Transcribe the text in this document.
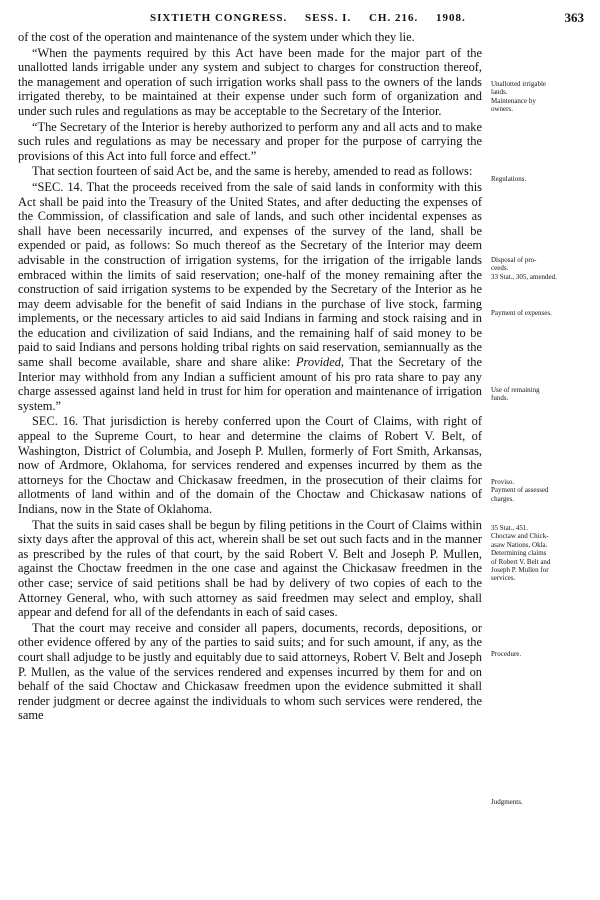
SIXTIETH CONGRESS. SESS. I. CH. 216. 1908.	363

of the cost of the operation and maintenance of the system under which they lie.

“When the payments required by this Act have been made for the major part of the unallotted lands irrigable under any system and subject to charges for construction thereof, the management and operation of such irrigation works shall pass to the owners of the lands irrigated thereby, to be maintained at their expense under such form of organization and under such rules and regulations as may be acceptable to the Secretary of the Interior.

“The Secretary of the Interior is hereby authorized to perform any and all acts and to make such rules and regulations as may be necessary and proper for the purpose of carrying the provisions of this Act into full force and effect.”

That section fourteen of said Act be, and the same is hereby, amended to read as follows:

“SEC. 14. That the proceeds received from the sale of said lands in conformity with this Act shall be paid into the Treasury of the United States, and after deducting the expenses of the Commission, of classification and sale of lands, and such other incidental expenses as shall have been necessarily incurred, and expenses of the survey of the land, shall be expended or paid, as follows: So much thereof as the Secretary of the Interior may deem advisable in the construction of irrigation systems, for the irrigation of the irrigable lands embraced within the limits of said reservation; one-half of the money remaining after the construction of said irrigation systems to be expended by the Secretary of the Interior as he may deem advisable for the benefit of said Indians in the purchase of live stock, farming implements, or the necessary articles to aid said Indians in farming and stock raising and in the education and civilization of said Indians, and the remaining half of said money to be paid to said Indians and persons holding tribal rights on said reservation, semiannually as the same shall become available, share and share alike: Provided, That the Secretary of the Interior may withhold from any Indian a sufficient amount of his pro rata share to pay any charge assessed against land held in trust for him for operation and maintenance of irrigation system.”

SEC. 16. That jurisdiction is hereby conferred upon the Court of Claims, with right of appeal to the Supreme Court, to hear and determine the claims of Robert V. Belt, of Washington, District of Columbia, and Joseph P. Mullen, formerly of Fort Smith, Arkansas, now of Ardmore, Oklahoma, for services rendered and expenses incurred by them as the attorneys for the Choctaw and Chickasaw freedmen, in the prosecution of their claims for allotments of land within and of the domain of the Choctaw and Chickasaw nations of Indians, now in the State of Oklahoma.

That the suits in said cases shall be begun by filing petitions in the Court of Claims within sixty days after the approval of this act, wherein shall be set out such facts and in the manner as prescribed by the rules of that court, by the said Robert V. Belt and Joseph P. Mullen, against the Choctaw freedmen in the one case and against the Chickasaw freedmen in the other case; service of said petitions shall be had by delivery of two copies of each to the Attorney General, who, with such attorney as said freedmen may select and employ, shall appear and defend for all of the defendants in each of said cases.

That the court may receive and consider all papers, documents, records, depositions, or other evidence offered by any of the parties to said suits; and for such amount, if any, as the court shall adjudge to be justly and equitably due to said attorneys, Robert V. Belt and Joseph P. Mullen, as the value of the services rendered and expenses incurred by them for and on behalf of the said Choctaw and Chickasaw freedmen upon the evidence submitted it shall render judgment or decree against the individuals to whom such services were rendered, the same

Unallotted irrigable
lands.
Maintenance by
owners.
Regulations.
Disposal of pro-
ceeds.
33 Stat., 305, amended.
Payment of expenses.
Use of remaining
funds.
Proviso.
Payment of assessed
charges.
35 Stat., 451.
Choctaw and Chick-
asaw Nations, Okla.
Determining claims
of Robert V. Belt and
Joseph P. Mullen for
services.
Procedure.
Judgments.
